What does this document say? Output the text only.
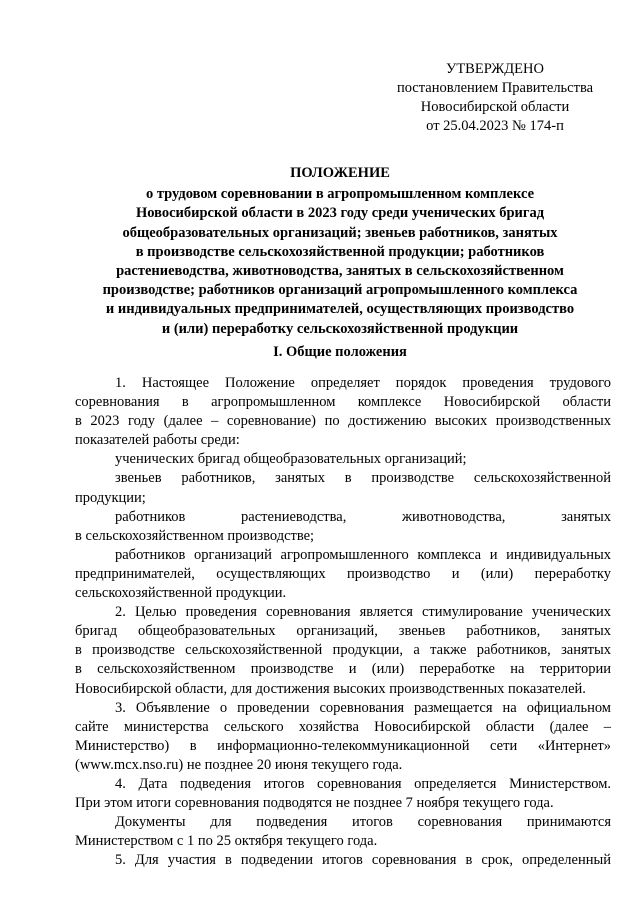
УТВЕРЖДЕНО
постановлением Правительства
Новосибирской области
от 25.04.2023 № 174-п
ПОЛОЖЕНИЕ
о трудовом соревновании в агропромышленном комплексе
Новосибирской области в 2023 году среди ученических бригад
общеобразовательных организаций; звеньев работников, занятых
в производстве сельскохозяйственной продукции; работников
растениеводства, животноводства, занятых в сельскохозяйственном
производстве; работников организаций агропромышленного комплекса
и индивидуальных предпринимателей, осуществляющих производство
и (или) переработку сельскохозяйственной продукции
I. Общие положения
1. Настоящее Положение определяет порядок проведения трудового
соревнования в агропромышленном комплексе Новосибирской области
в 2023 году (далее – соревнование) по достижению высоких производственных
показателей работы среди:
ученических бригад общеобразовательных организаций;
звеньев работников, занятых в производстве сельскохозяйственной
продукции;
работников растениеводства, животноводства, занятых
в сельскохозяйственном производстве;
работников организаций агропромышленного комплекса и индивидуальных
предпринимателей, осуществляющих производство и (или) переработку
сельскохозяйственной продукции.
2. Целью проведения соревнования является стимулирование ученических
бригад общеобразовательных организаций, звеньев работников, занятых
в производстве сельскохозяйственной продукции, а также работников, занятых
в сельскохозяйственном производстве и (или) переработке на территории
Новосибирской области, для достижения высоких производственных показателей.
3. Объявление о проведении соревнования размещается на официальном
сайте министерства сельского хозяйства Новосибирской области (далее –
Министерство) в информационно-телекоммуникационной сети «Интернет»
(www.mcx.nso.ru) не позднее 20 июня текущего года.
4. Дата подведения итогов соревнования определяется Министерством.
При этом итоги соревнования подводятся не позднее 7 ноября текущего года.
Документы для подведения итогов соревнования принимаются
Министерством с 1 по 25 октября текущего года.
5. Для участия в подведении итогов соревнования в срок, определенный
